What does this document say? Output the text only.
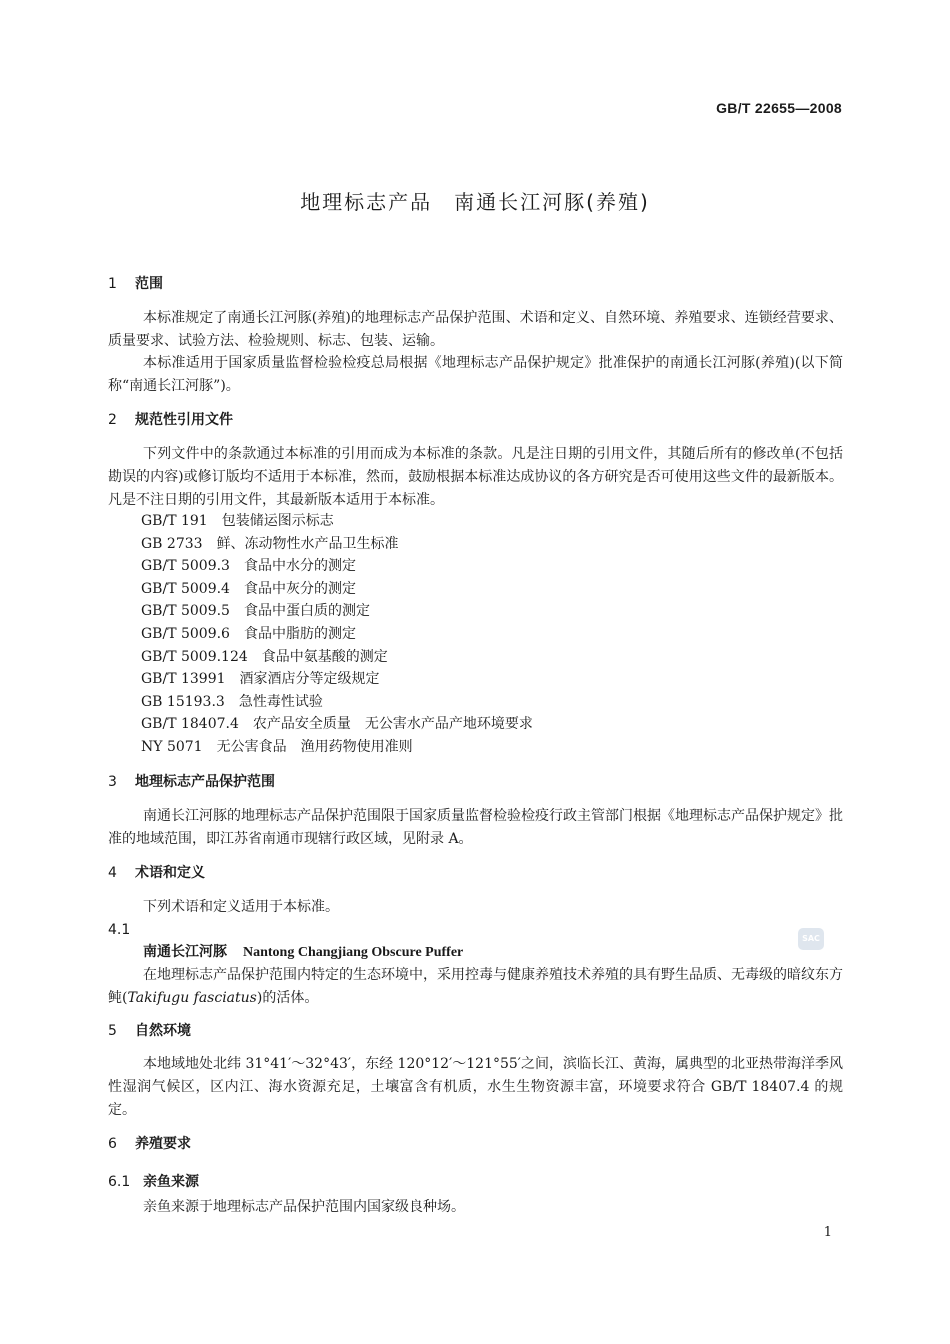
GB/T 22655—2008
地理标志产品　南通长江河豚(养殖)
1 范围
本标准规定了南通长江河豚(养殖)的地理标志产品保护范围、术语和定义、自然环境、养殖要求、连锁经营要求、质量要求、试验方法、检验规则、标志、包装、运输。
本标准适用于国家质量监督检验检疫总局根据《地理标志产品保护规定》批准保护的南通长江河豚(养殖)(以下简称“南通长江河豚”)。
2 规范性引用文件
下列文件中的条款通过本标准的引用而成为本标准的条款。凡是注日期的引用文件，其随后所有的修改单(不包括勘误的内容)或修订版均不适用于本标准，然而，鼓励根据本标准达成协议的各方研究是否可使用这些文件的最新版本。凡是不注日期的引用文件，其最新版本适用于本标准。
GB/T 191 包装储运图示标志
GB 2733 鲜、冻动物性水产品卫生标准
GB/T 5009.3 食品中水分的测定
GB/T 5009.4 食品中灰分的测定
GB/T 5009.5 食品中蛋白质的测定
GB/T 5009.6 食品中脂肪的测定
GB/T 5009.124 食品中氨基酸的测定
GB/T 13991 酒家酒店分等定级规定
GB 15193.3 急性毒性试验
GB/T 18407.4 农产品安全质量　无公害水产品产地环境要求
NY 5071 无公害食品　渔用药物使用准则
3 地理标志产品保护范围
南通长江河豚的地理标志产品保护范围限于国家质量监督检验检疫行政主管部门根据《地理标志产品保护规定》批准的地域范围，即江苏省南通市现辖行政区域，见附录 A。
4 术语和定义
下列术语和定义适用于本标准。
4.1
南通长江河豚 Nantong Changjiang Obscure Puffer
在地理标志产品保护范围内特定的生态环境中，采用控毒与健康养殖技术养殖的具有野生品质、无毒级的暗纹东方鲀(Takifugu fasciatus)的活体。
SAC
5 自然环境
本地域地处北纬 31°41′～32°43′，东经 120°12′～121°55′之间，滨临长江、黄海，属典型的北亚热带海洋季风性湿润气候区，区内江、海水资源充足，土壤富含有机质，水生生物资源丰富，环境要求符合 GB/T 18407.4 的规定。
6 养殖要求
6.1 亲鱼来源
亲鱼来源于地理标志产品保护范围内国家级良种场。
1
